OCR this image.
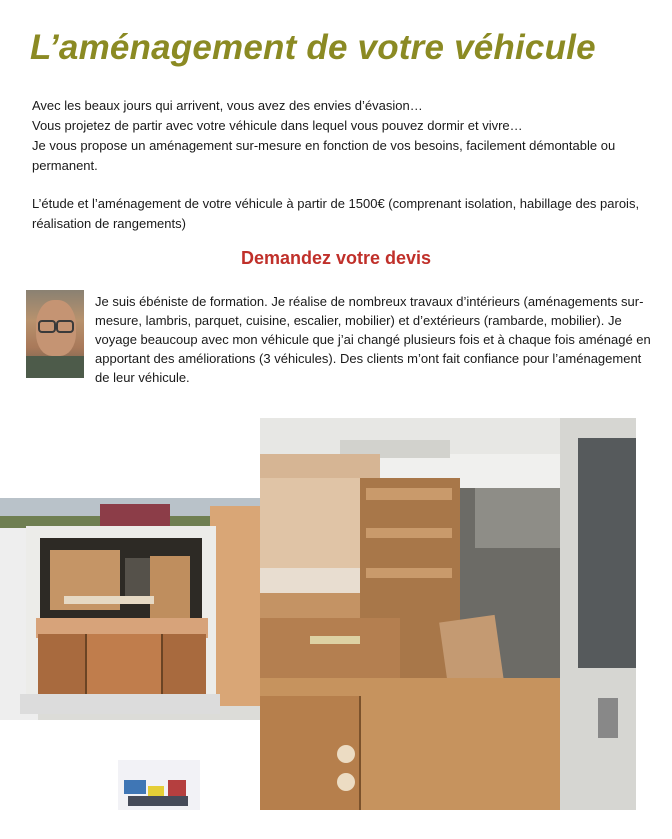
L’aménagement de votre véhicule

Avec les beaux jours qui arrivent, vous avez des envies d’évasion…

Vous projetez de partir avec votre véhicule dans lequel vous pouvez dormir et vivre…

Je vous propose un aménagement sur-mesure en fonction de vos besoins, facilement démontable ou permanent.

L’étude et l’aménagement de votre véhicule à partir de 1500€ (comprenant isolation, habillage des parois, réalisation de rangements)

Demandez votre devis
Je suis ébéniste de formation. Je réalise de nombreux travaux d’intérieurs (aménagements sur-mesure, lambris, parquet, cuisine, escalier, mobilier) et d’extérieurs (rambarde, mobilier). Je voyage beaucoup avec mon véhicule que j’ai changé plusieurs fois et à chaque fois aménagé en apportant des améliorations (3 véhicules). Des clients m’ont fait confiance pour l’aménagement de leur véhicule.
